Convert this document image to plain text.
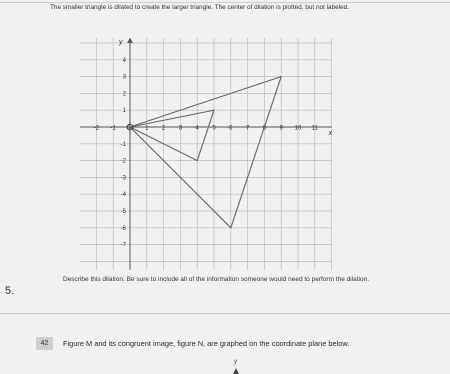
The smaller triangle is dilated to create the larger triangle. The center of dilation is plotted, but not labeled.
-2 -1 0	1 2 3 4 5 6 7 8 9 10 11
4
3
2
1
-1
-2
-3
-4
-5
-6
-7
y
x
Describe this dilation. Be sure to include all of the information someone would need to perform the dilation.
5.
42	Figure M and its congruent image, figure N, are graphed on the coordinate plane below.
y
